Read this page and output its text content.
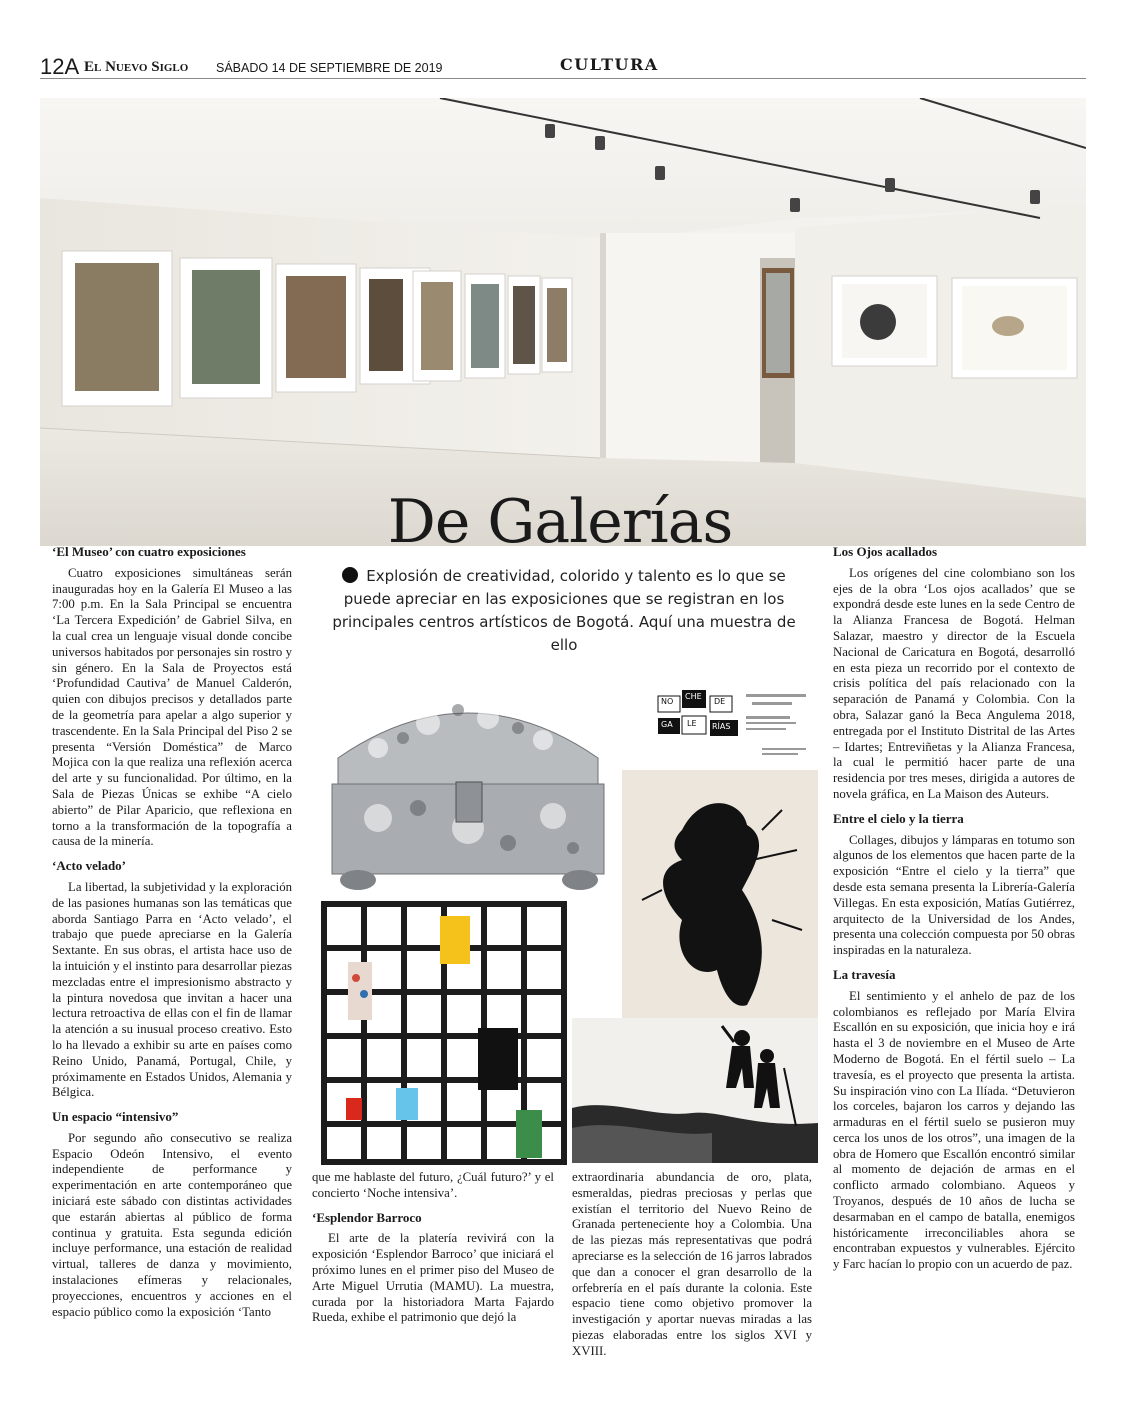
12A El Nuevo Siglo SÁBADO 14 DE SEPTIEMBRE DE 2019	CULTURA
De Galerías
Explosión de creatividad, colorido y talento es lo que se puede apreciar en las exposiciones que se registran en los principales centros artísticos de Bogotá. Aquí una muestra de ello
‘El Museo’ con cuatro exposiciones

Cuatro exposiciones simultáneas serán inauguradas hoy en la Galería El Museo a las 7:00 p.m. En la Sala Principal se encuentra ‘La Tercera Expedición’ de Gabriel Silva, en la cual crea un lenguaje visual donde concibe universos habitados por personajes sin rostro y sin género. En la Sala de Proyectos está ‘Profundidad Cautiva’ de Manuel Calderón, quien con dibujos precisos y detallados parte de la geometría para apelar a algo superior y trascendente. En la Sala Principal del Piso 2 se presenta “Versión Doméstica” de Marco Mojica con la que realiza una reflexión acerca del arte y su funcionalidad. Por último, en la Sala de Piezas Únicas se exhibe “A cielo abierto” de Pilar Aparicio, que reflexiona en torno a la transformación de la topografía a causa de la minería.

‘Acto velado’

La libertad, la subjetividad y la exploración de las pasiones humanas son las temáticas que aborda Santiago Parra en ‘Acto velado’, el trabajo que puede apreciarse en la Galería Sextante. En sus obras, el artista hace uso de la intuición y el instinto para desarrollar piezas mezcladas entre el impresionismo abstracto y la pintura novedosa que invitan a hacer una lectura retroactiva de ellas con el fin de llamar la atención a su inusual proceso creativo. Esto lo ha llevado a exhibir su arte en países como Reino Unido, Panamá, Portugal, Chile, y próximamente en Estados Unidos, Alemania y Bélgica.

Un espacio “intensivo”

Por segundo año consecutivo se realiza Espacio Odeón Intensivo, el evento independiente de performance y experimentación en arte contemporáneo que iniciará este sábado con distintas actividades que estarán abiertas al público de forma continua y gratuita. Esta segunda edición incluye performance, una estación de realidad virtual, talleres de danza y movimiento, instalaciones efímeras y relacionales, proyecciones, encuentros y acciones en el espacio público como la exposición ‘Tanto

NO
CHE
DE
GA LE RÍAS

que me hablaste del futuro, ¿Cuál futuro?’ y el concierto ‘Noche intensiva’.

‘Esplendor Barroco

El arte de la platería revivirá con la exposición ‘Esplendor Barroco’ que iniciará el próximo lunes en el primer piso del Museo de Arte Miguel Urrutia (MAMU). La muestra, curada por la historiadora Marta Fajardo Rueda, exhibe el patrimonio que dejó la

extraordinaria abundancia de oro, plata, esmeraldas, piedras preciosas y perlas que existían el territorio del Nuevo Reino de Granada perteneciente hoy a Colombia. Una de las piezas más representativas que podrá apreciarse es la selección de 16 jarros labrados que dan a conocer el gran desarrollo de la orfebrería en el país durante la colonia. Este espacio tiene como objetivo promover la investigación y aportar nuevas miradas a las piezas elaboradas entre los siglos XVI y XVIII.

Los Ojos acallados

Los orígenes del cine colombiano son los ejes de la obra ‘Los ojos acallados’ que se expondrá desde este lunes en la sede Centro de la Alianza Francesa de Bogotá. Helman Salazar, maestro y director de la Escuela Nacional de Caricatura en Bogotá, desarrolló en esta pieza un recorrido por el contexto de crisis política del país relacionado con la separación de Panamá y Colombia. Con la obra, Salazar ganó la Beca Angulema 2018, entregada por el Instituto Distrital de las Artes – Idartes; Entreviñetas y la Alianza Francesa, la cual le permitió hacer parte de una residencia por tres meses, dirigida a autores de novela gráfica, en La Maison des Auteurs.

Entre el cielo y la tierra

Collages, dibujos y lámparas en totumo son algunos de los elementos que hacen parte de la exposición “Entre el cielo y la tierra” que desde esta semana presenta la Librería-Galería Villegas. En esta exposición, Matías Gutiérrez, arquitecto de la Universidad de los Andes, presenta una colección compuesta por 50 obras inspiradas en la naturaleza.

La travesía

El sentimiento y el anhelo de paz de los colombianos es reflejado por María Elvira Escallón en su exposición, que inicia hoy e irá hasta el 3 de noviembre en el Museo de Arte Moderno de Bogotá. En el fértil suelo – La travesía, es el proyecto que presenta la artista. Su inspiración vino con La Ilíada. “Detuvieron los corceles, bajaron los carros y dejando las armaduras en el fértil suelo se pusieron muy cerca los unos de los otros”, una imagen de la obra de Homero que Escallón encontró similar al momento de dejación de armas en el conflicto armado colombiano. Aqueos y Troyanos, después de 10 años de lucha se desarmaban en el campo de batalla, enemigos históricamente irreconciliables ahora se encontraban expuestos y vulnerables. Ejército y Farc hacían lo propio con un acuerdo de paz.
